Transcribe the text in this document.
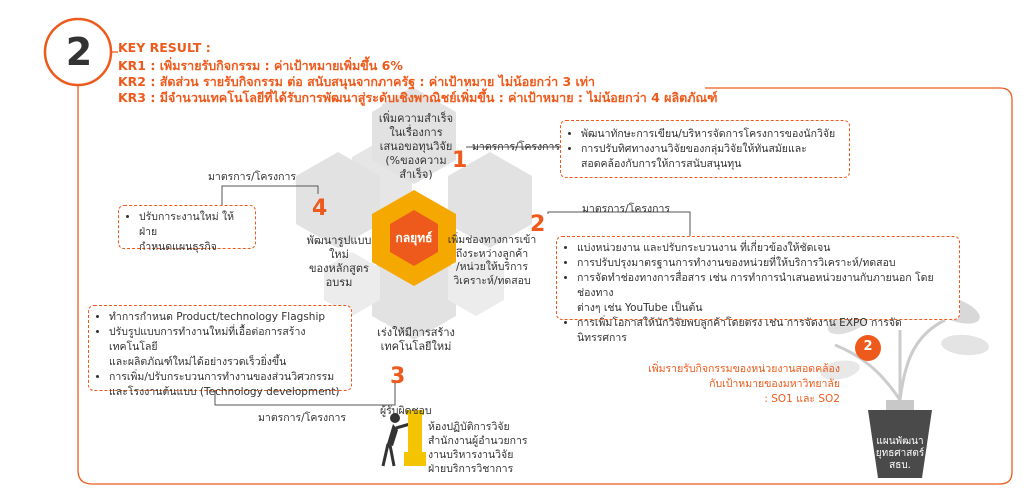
2	KEY RESULT :
KR1 : เพิ่มรายรับกิจกรรม : ค่าเป้าหมายเพิ่มขึ้น 6%
KR2 : สัดส่วน รายรับกิจกรรม ต่อ สนับสนุนจากภาครัฐ : ค่าเป้าหมาย ไม่น้อยกว่า 3 เท่า
KR3 : มีจำนวนเทคโนโลยีที่ได้รับการพัฒนาสู่ระดับเชิงพาณิชย์เพิ่มขึ้น : ค่าเป้าหมาย : ไม่น้อยกว่า 4 ผลิตภัณฑ์
กลยุทธ์
เพิ่มความสำเร็จ
ในเรื่องการ
เสนอขอทุนวิจัย
(%ของความสำเร็จ)
1
มาตรการ/โครงการ
• พัฒนาทักษะการเขียน/บริหารจัดการโครงการของนักวิจัย
• การปรับทิศทางงานวิจัยของกลุ่มวิจัยให้ทันสมัยและ
สอดคล้องกับการให้การสนับสนุนทุน
เพิ่มช่องทางการเข้า
ถึงระหว่างลูกค้า
/หน่วยให้บริการ
วิเคราะห์/ทดสอบ
2
มาตรการ/โครงการ
• แบ่งหน่วยงาน และปรับกระบวนงาน ที่เกี่ยวข้องให้ชัดเจน
• การปรับปรุงมาตรฐานการทำงานของหน่วยที่ให้บริการวิเคราะห์/ทดสอบ
• การจัดทำช่องทางการสื่อสาร เช่น การทำการนำเสนอหน่วยงานกับภายนอก โดยช่องทาง
ต่างๆ เช่น YouTube เป็นต้น
• การเพิ่มโอกาสให้นักวิจัยพบลูกค้าโดยตรง เช่น การจัดงาน EXPO การจัดนิทรรศการ
เร่งให้มีการสร้าง
เทคโนโลยีใหม่
3
มาตรการ/โครงการ
• ทำการกำหนด Product/technology Flagship
• ปรับรูปแบบการทำงานใหม่ที่เอื้อต่อการสร้างเทคโนโลยี
และผลิตภัณฑ์ใหม่ได้อย่างรวดเร็วยิ่งขึ้น
• การเพิ่ม/ปรับกระบวนการทำงานของส่วนวิศวกรรม
และโรงงานต้นแบบ (Technology development)
พัฒนารูปแบบใหม่
ของหลักสูตรอบรม
4
มาตรการ/โครงการ
• ปรับการะงานใหม่ ให้ฝ่าย
กำหนดแผนธุรกิจ
ผู้รับผิดชอบ
ห้องปฏิบัติการวิจัย
สำนักงานผู้อำนวยการ
งานบริหารงานวิจัย
ฝ่ายบริการวิชาการ
2
เพิ่มรายรับกิจกรรมของหน่วยงานสอดคล้อง
กับเป้าหมายของมหาวิทยาลัย
: SO1 และ SO2
แผนพัฒนา
ยุทธศาสตร์
สธบ.
